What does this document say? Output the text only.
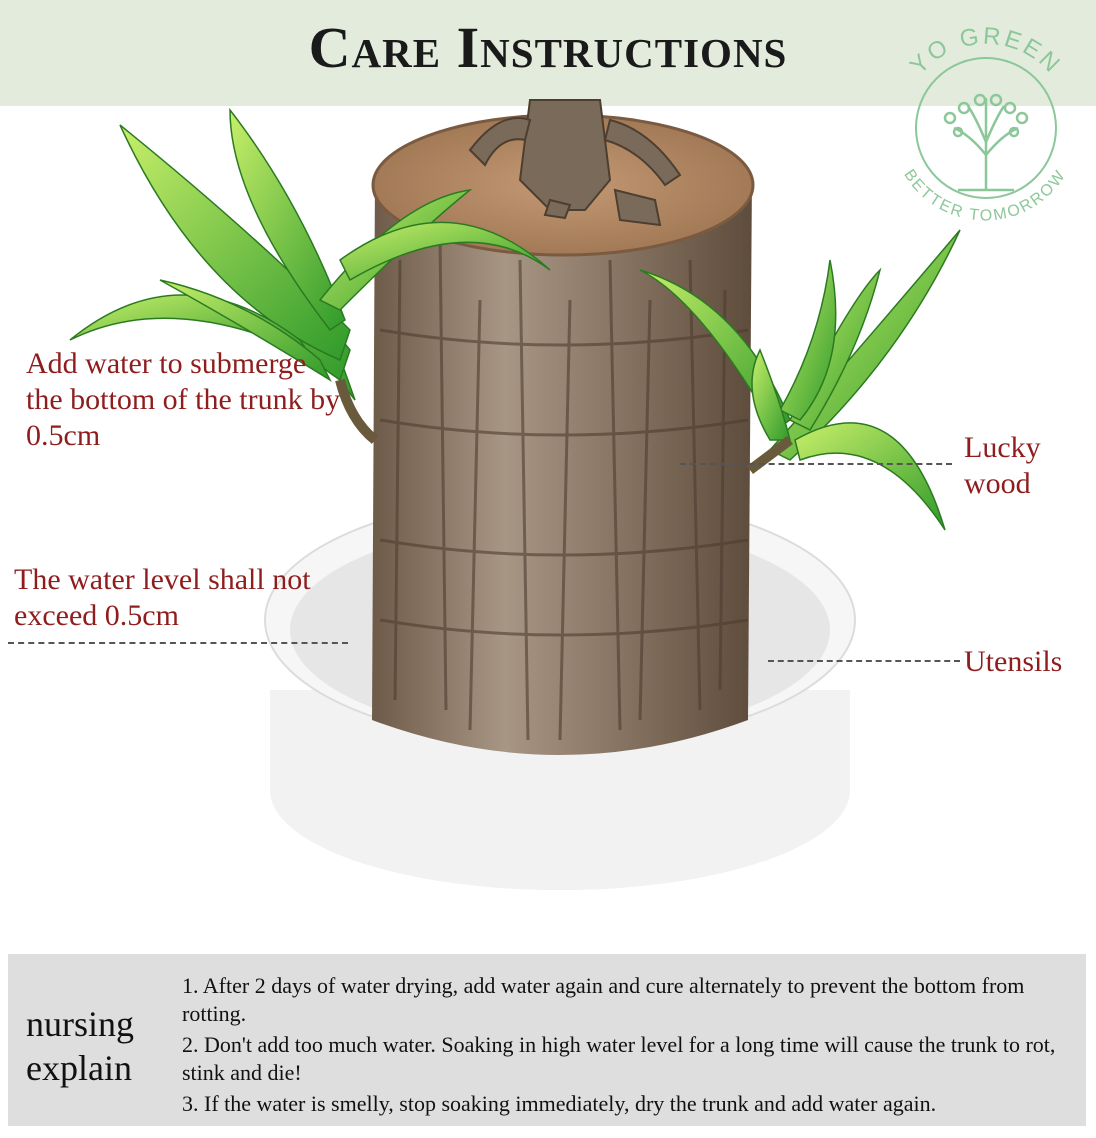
Care Instructions	YO GREEN
BETTER TOMORROW
Add water to submerge the bottom of the trunk by 0.5cm
The water level shall not exceed 0.5cm
Lucky wood
Utensils
nursing explain
1. After 2 days of water drying, add water again and cure alternately to prevent the bottom from rotting.
2. Don't add too much water. Soaking in high water level for a long time will cause the trunk to rot, stink and die!
3. If the water is smelly, stop soaking immediately, dry the trunk and add water again.
